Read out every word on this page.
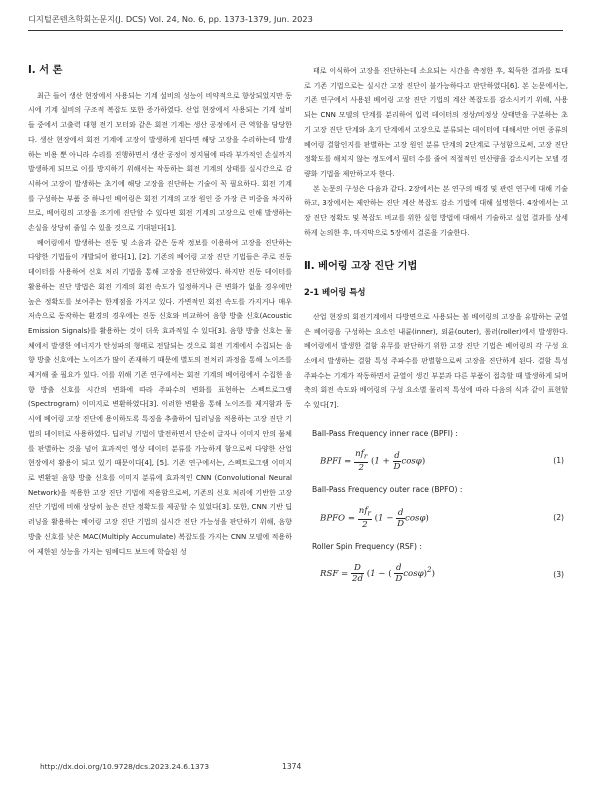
디지털콘텐츠학회논문지(J. DCS) Vol. 24, No. 6, pp. 1373-1379, Jun. 2023
Ⅰ. 서 론

최근 들어 생산 현장에서 사용되는 기계 설비의 성능이 비약적으로 향상되었지만 동시에 기계 설비의 구조적 복잡도 또한 증가하였다. 산업 현장에서 사용되는 기계 설비들 중에서 고출력 대형 전기 모터와 같은 회전 기계는 생산 공정에서 큰 역할을 담당한다. 생산 현장에서 회전 기계에 고장이 발생하게 된다면 해당 고장을 수리하는데 발생하는 비용 뿐 아니라 수리를 진행하면서 생산 공정이 정지됨에 따라 부가적인 손실까지 발생하게 되므로 이를 방지하기 위해서는 작동하는 회전 기계의 상태를 실시간으로 감시하여 고장이 발생하는 초기에 해당 고장을 진단하는 기술이 꼭 필요하다. 회전 기계를 구성하는 부품 중 하나인 베어링은 회전 기계의 고장 원인 중 가장 큰 비중을 차지하므로, 베어링의 고장을 조기에 진단할 수 있다면 회전 기계의 고장으로 인해 발생하는 손실을 상당히 줄일 수 있을 것으로 기대된다[1].

베어링에서 발생하는 진동 및 소음과 같은 동작 정보를 이용하여 고장을 진단하는 다양한 기법들이 개발되어 왔다[1], [2]. 기존의 베어링 고장 진단 기법들은 주로 진동 데이터를 사용하여 신호 처리 기법을 통해 고장을 진단하였다. 하지만 진동 데이터를 활용하는 진단 방법은 회전 기계의 회전 속도가 일정하거나 큰 변화가 없을 경우에만 높은 정확도를 보여주는 한계점을 가지고 있다. 가변적인 회전 속도를 가지거나 매우 저속으로 동작하는 환경의 경우에는 진동 신호와 비교하여 음향 방출 신호(Acoustic Emission Signals)를 활용하는 것이 더욱 효과적일 수 있다[3]. 음향 방출 신호는 물체에서 발생한 에너지가 탄성파의 형태로 전달되는 것으로 회전 기계에서 수집되는 음향 방출 신호에는 노이즈가 많이 존재하기 때문에 별도의 전처리 과정을 통해 노이즈를 제거해 줄 필요가 있다. 이를 위해 기존 연구에서는 회전 기계의 베어링에서 수집한 음향 방출 신호를 시간의 변화에 따라 주파수의 변화를 표현하는 스펙트로그램(Spectrogram) 이미지로 변환하였다[3]. 이러한 변환을 통해 노이즈를 제거함과 동시에 베어링 고장 진단에 용이하도록 특징을 추출하여 딥러닝을 적용하는 고장 진단 기법의 데이터로 사용하였다. 딥러닝 기법이 발전하면서 단순히 글자나 이미지 안의 물체를 판별하는 것을 넘어 효과적인 영상 데이터 분류를 가능하게 함으로써 다양한 산업 현장에서 활용이 되고 있기 때문이다[4], [5]. 기존 연구에서는, 스펙트로그램 이미지로 변환된 음향 방출 신호를 이미지 분류에 효과적인 CNN (Convolutional Neural Network)을 적용한 고장 진단 기법에 적용함으로써, 기존의 신호 처리에 기반한 고장 진단 기법에 비해 상당히 높은 진단 정확도를 제공할 수 있었다[3]. 또한, CNN 기반 딥러닝을 활용하는 베어링 고장 진단 기법의 실시간 진단 가능성을 판단하기 위해, 음향 방출 신호를 낮은 MAC(Multiply Accumulate) 복잡도를 가지는 CNN 모델에 적용하여 제한된 성능을 가지는 임베디드 보드에 학습된 성

태로 이식하여 고장을 진단하는데 소요되는 시간을 측정한 후, 획득한 결과를 토대로 기존 기법으로는 실시간 고장 진단이 불가능하다고 판단하였다[6]. 본 논문에서는, 기존 연구에서 사용된 베어링 고장 진단 기법의 계산 복잡도를 감소시키기 위해, 사용되는 CNN 모델의 단계를 분리하여 입력 데이터의 정상/비정상 상태만을 구분하는 초기 고장 진단 단계와 초기 단계에서 고장으로 분류되는 데이터에 대해서만 어떤 종류의 베어링 결함인지를 판별하는 고장 원인 분류 단계의 2단계로 구성함으로써, 고장 진단 정확도를 해치지 않는 정도에서 필터 수를 줄여 적절적인 연산량을 감소시키는 모델 경량화 기법을 제안하고자 한다.

본 논문의 구성은 다음과 같다. 2장에서는 본 연구의 배경 및 관련 연구에 대해 기술하고, 3장에서는 제안하는 진단 계산 복잡도 감소 기법에 대해 설명한다. 4장에서는 고장 진단 정확도 및 복잡도 비교를 위한 실험 방법에 대해서 기술하고 실험 결과를 상세하게 논의한 후, 마지막으로 5장에서 결론을 기술한다.

Ⅱ. 베어링 고장 진단 기법
2-1 베어링 특성

산업 현장의 회전기계에서 다방면으로 사용되는 볼 베어링의 고장을 유발하는 균열은 베어링을 구성하는 요소인 내륜(inner), 외륜(outer), 롤러(roller)에서 발생한다. 베어링에서 발생한 결함 유무를 판단하기 위한 고장 진단 기법은 베어링의 각 구성 요소에서 발생하는 결함 특성 주파수를 판별함으로써 고장을 진단하게 된다. 결함 특성 주파수는 기계가 작동하면서 균열이 생긴 부분과 다른 부품이 접촉할 때 발생하게 되며 축의 회전 속도와 베어링의 구성 요소별 물리적 특성에 따라 다음의 식과 같이 표현할 수 있다[7].

Ball-Pass Frequency inner race (BPFI) :
BPFI = $\frac{nf_r}{2} (1 + \frac{d}{D} \cos\varphi)$	(1)
Ball-Pass Frequency outer race (BPFO) :
BPFO = $\frac{nf_r}{2} (1 - \frac{d}{D} \cos\varphi)$	(2)
Roller Spin Frequency (RSF) :
RSF = $\frac{D}{2d} (1$ − ( $\frac{d}{D} \cos\varphi)^2$)	(3)
http://dx.doi.org/10.9728/dcs.2023.24.6.1373	1374
